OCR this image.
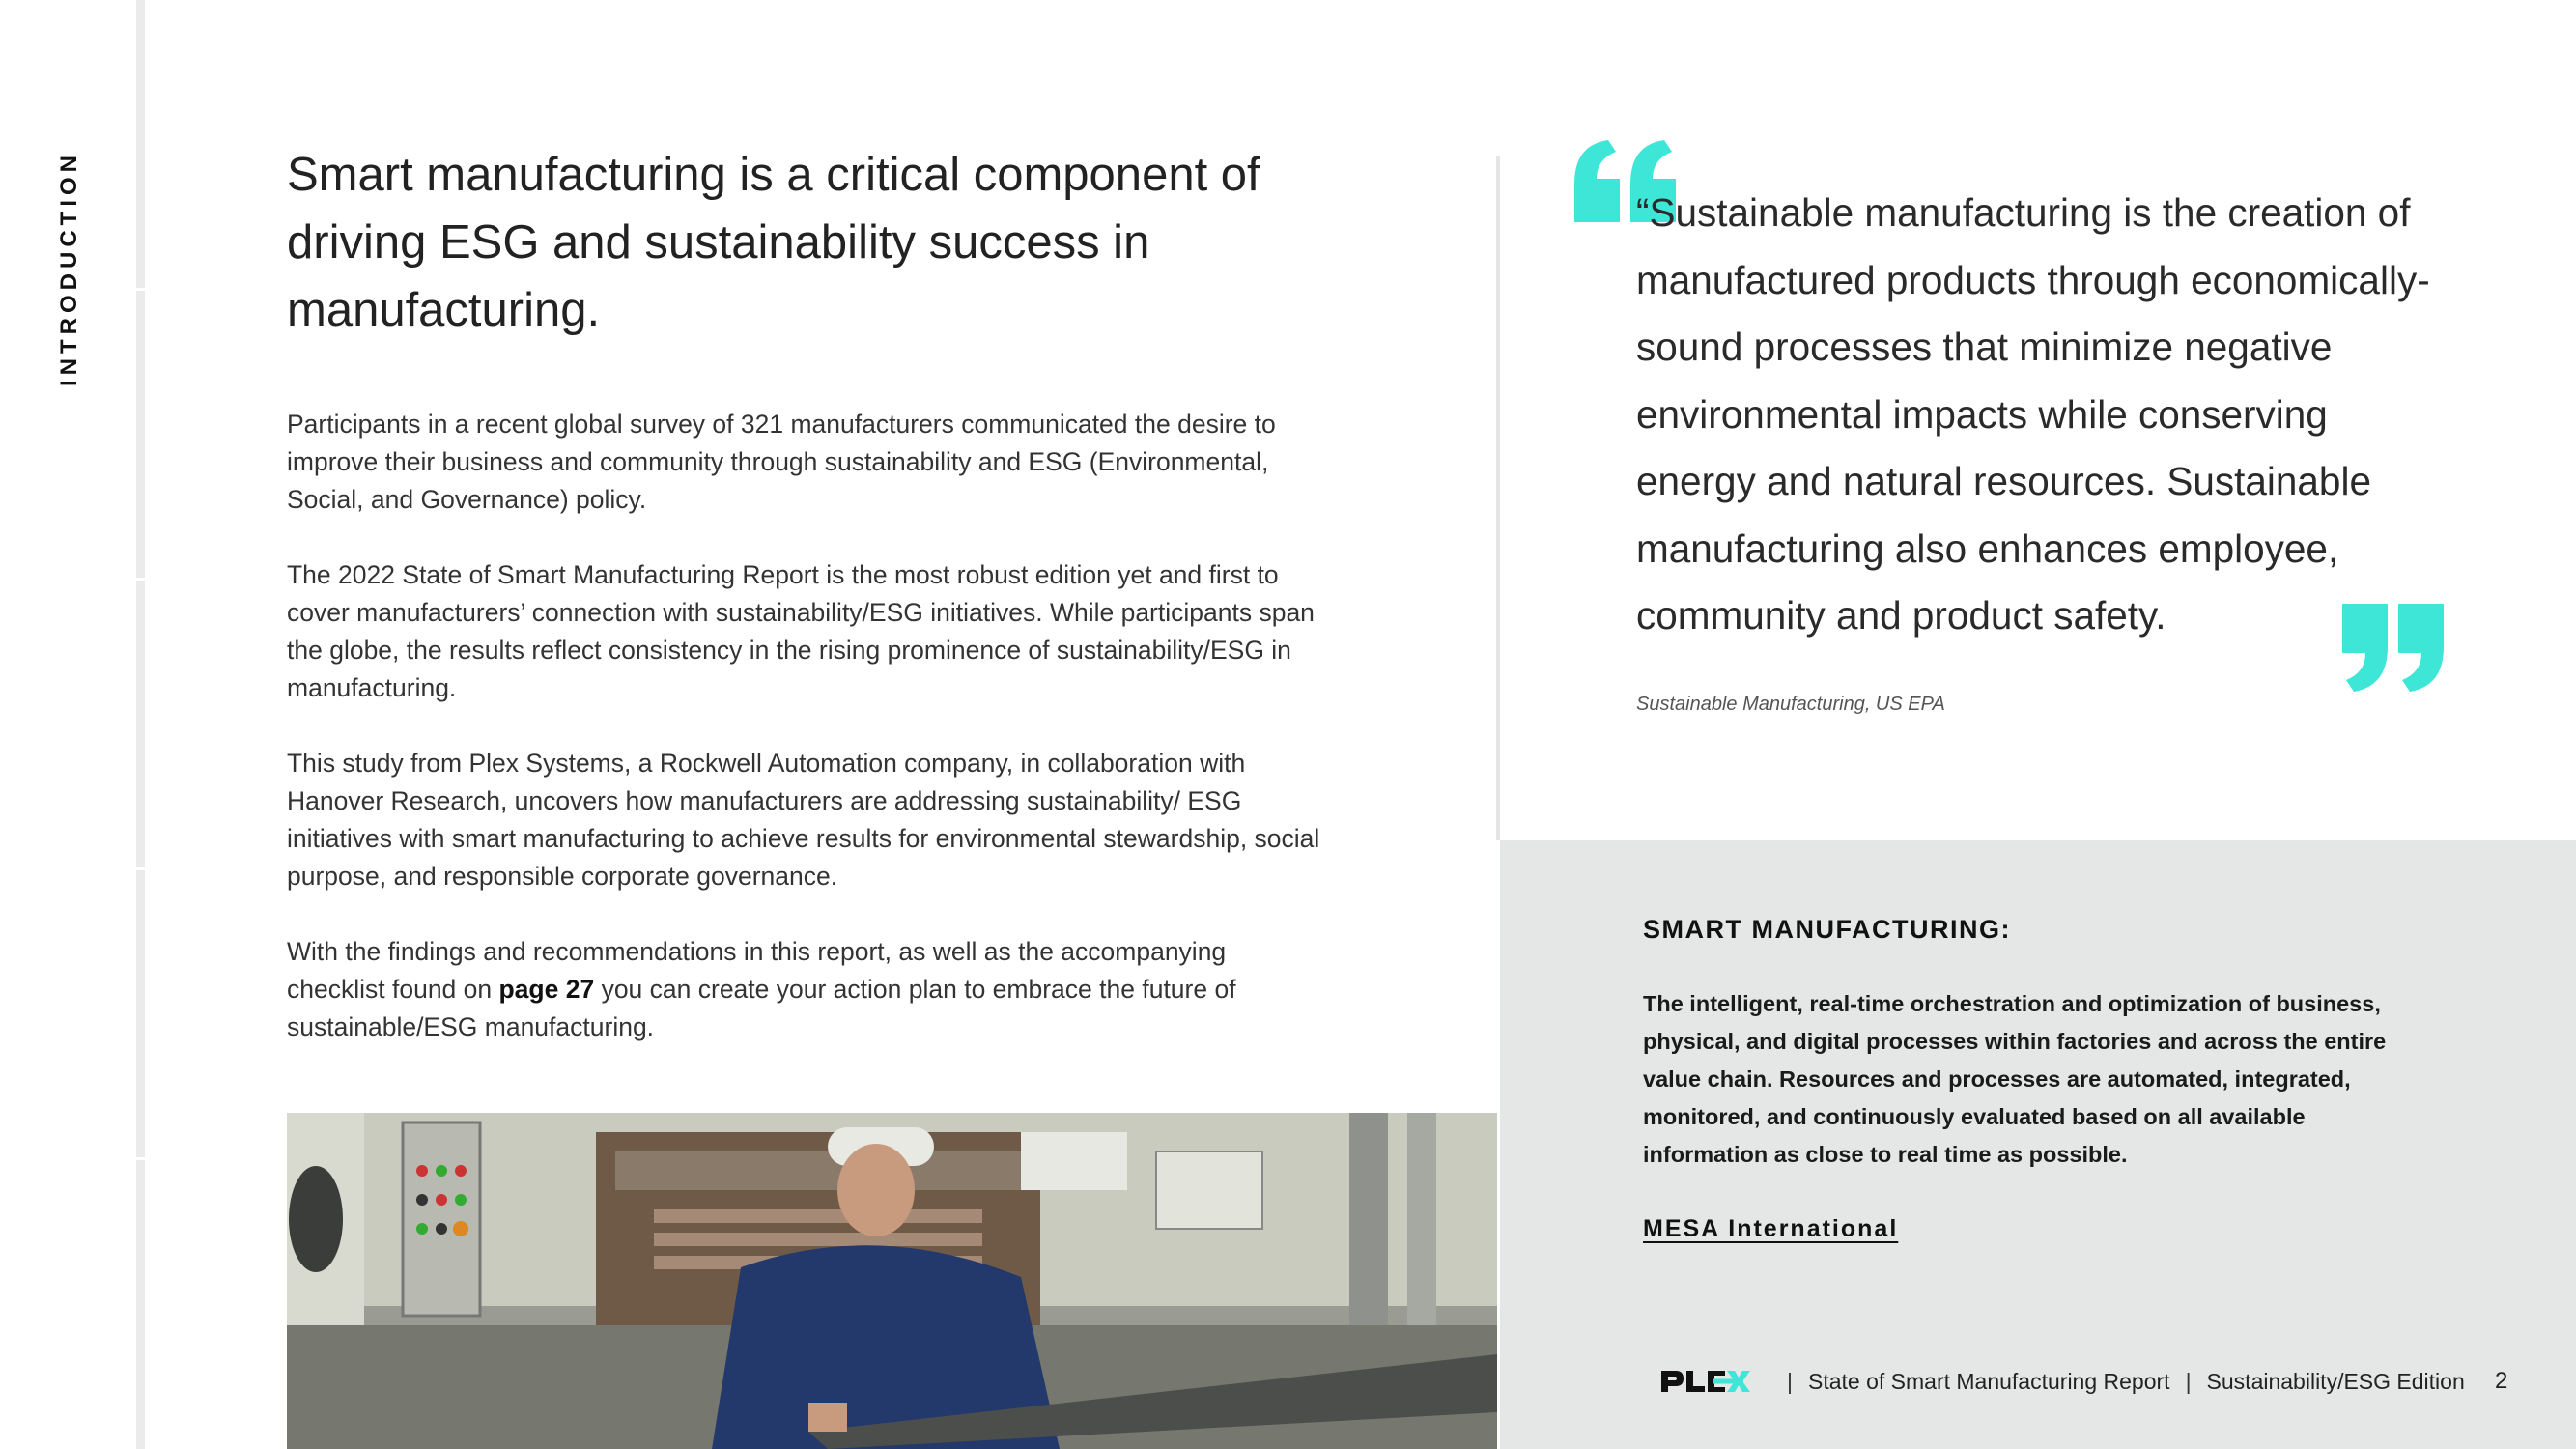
INTRODUCTION	Smart manufacturing is a critical component of driving ESG and sustainability success in manufacturing.

Participants in a recent global survey of 321 manufacturers communicated the desire to improve their business and community through sustainability and ESG (Environmental, Social, and Governance) policy.

The 2022 State of Smart Manufacturing Report is the most robust edition yet and first to cover manufacturers’ connection with sustainability/ESG initiatives. While participants span the globe, the results reflect consistency in the rising prominence of sustainability/ESG in manufacturing.

This study from Plex Systems, a Rockwell Automation company, in collaboration with Hanover Research, uncovers how manufacturers are addressing sustainability/ ESG initiatives with smart manufacturing to achieve results for environmental stewardship, social purpose, and responsible corporate governance.

With the findings and recommendations in this report, as well as the accompanying checklist found on page 27 you can create your action plan to embrace the future of sustainable/ESG manufacturing.

“Sustainable manufacturing is the creation of manufactured products through economically-sound processes that minimize negative environmental impacts while conserving energy and natural resources. Sustainable manufacturing also enhances employee, community and product safety.

Sustainable Manufacturing, US EPA
SMART MANUFACTURING:
The intelligent, real-time orchestration and optimization of business, physical, and digital processes within factories and across the entire value chain. Resources and processes are automated, integrated, monitored, and continuously evaluated based on all available information as close to real time as possible.
MESA International
| State of Smart Manufacturing Report | Sustainability/ESG Edition 2
